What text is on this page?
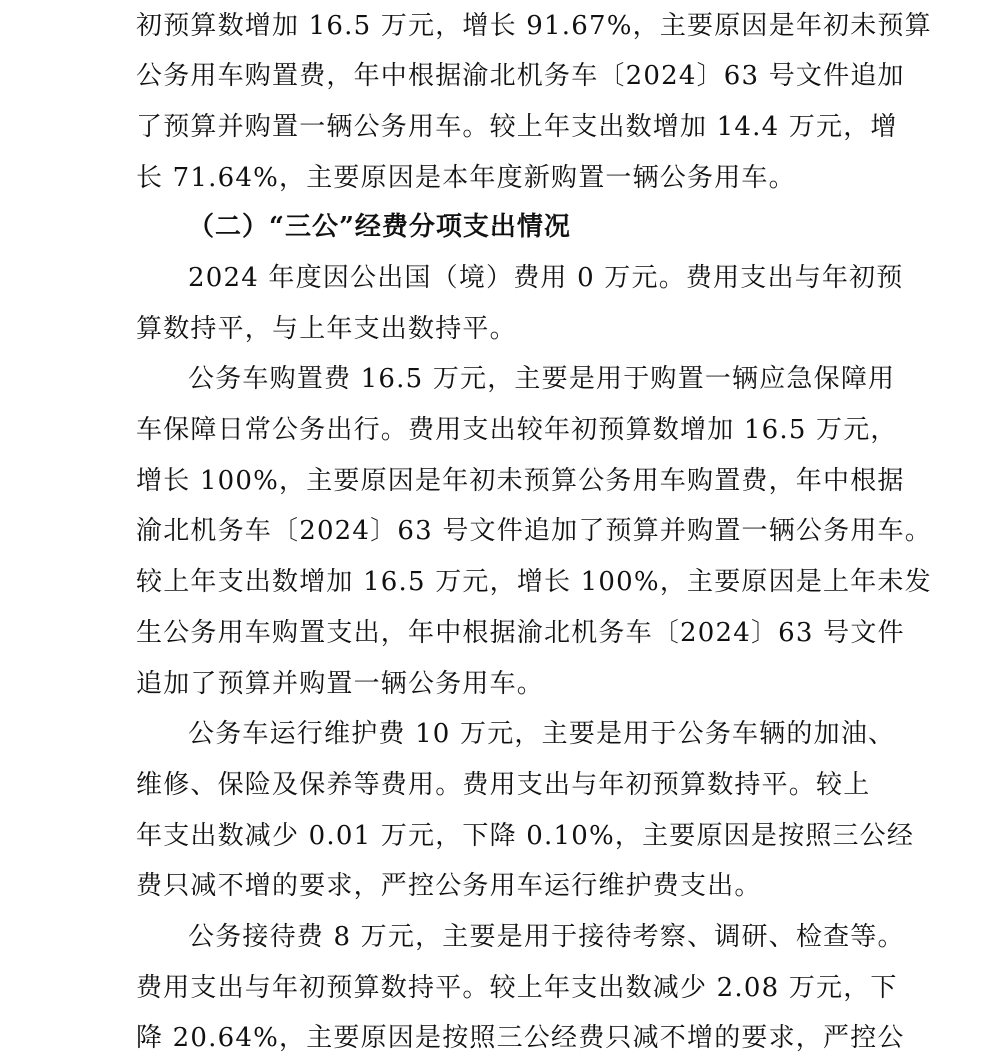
初预算数增加 16.5 万元，增长 91.67%，主要原因是年初未预算
公务用车购置费，年中根据渝北机务车〔2024〕63 号文件追加
了预算并购置一辆公务用车。较上年支出数增加 14.4 万元，增
长 71.64%，主要原因是本年度新购置一辆公务用车。
（二）“三公”经费分项支出情况
2024 年度因公出国（境）费用 0 万元。费用支出与年初预
算数持平，与上年支出数持平。
公务车购置费 16.5 万元，主要是用于购置一辆应急保障用
车保障日常公务出行。费用支出较年初预算数增加 16.5 万元，
增长 100%，主要原因是年初未预算公务用车购置费，年中根据
渝北机务车〔2024〕63 号文件追加了预算并购置一辆公务用车。
较上年支出数增加 16.5 万元，增长 100%，主要原因是上年未发
生公务用车购置支出，年中根据渝北机务车〔2024〕63 号文件
追加了预算并购置一辆公务用车。
公务车运行维护费 10 万元，主要是用于公务车辆的加油、
维修、保险及保养等费用。费用支出与年初预算数持平。较上
年支出数减少 0.01 万元，下降 0.10%，主要原因是按照三公经
费只减不增的要求，严控公务用车运行维护费支出。
公务接待费 8 万元，主要是用于接待考察、调研、检查等。
费用支出与年初预算数持平。较上年支出数减少 2.08 万元，下
降 20.64%，主要原因是按照三公经费只减不增的要求，严控公
